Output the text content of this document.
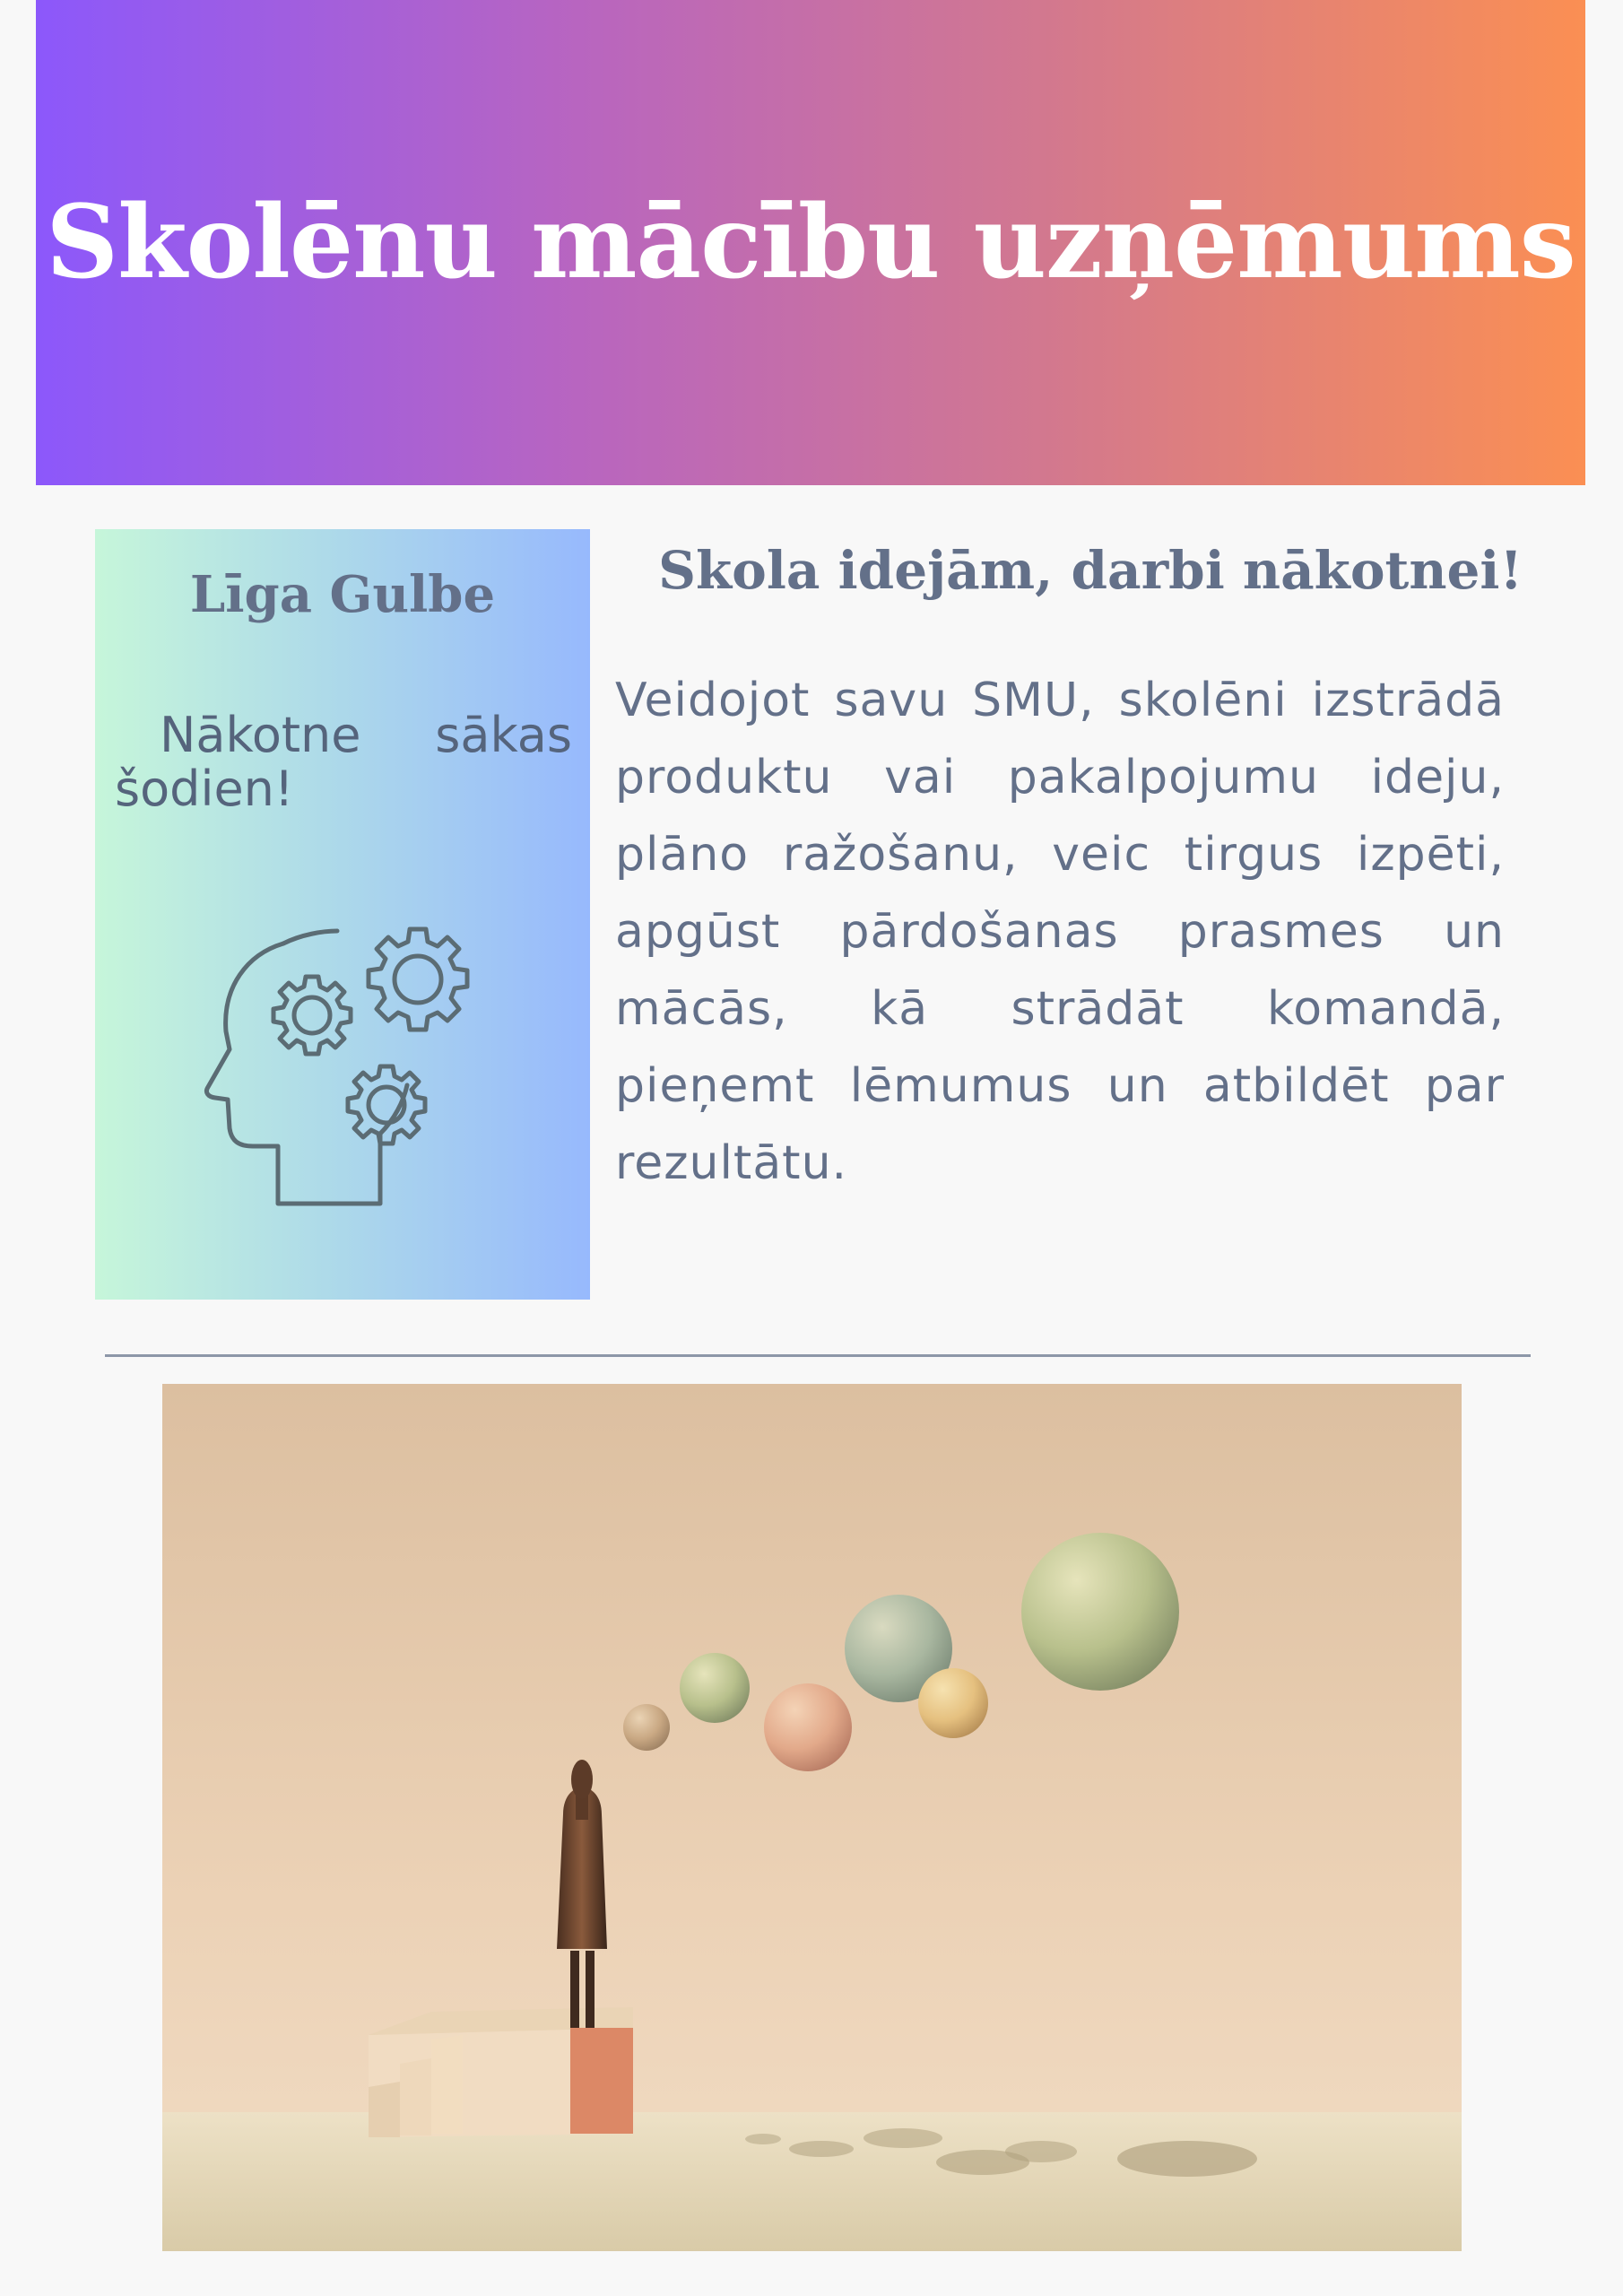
Skolēnu mācību uzņēmums
Līga Gulbe
Nākotne sākas šodien!
Skola idejām, darbi nākotnei!
Veidojot savu SMU, skolēni izstrādā produktu vai pakalpojumu ideju, plāno ražošanu, veic tirgus izpēti, apgūst pārdošanas prasmes un mācās, kā strādāt komandā, pieņemt lēmumus un atbildēt par rezultātu.
